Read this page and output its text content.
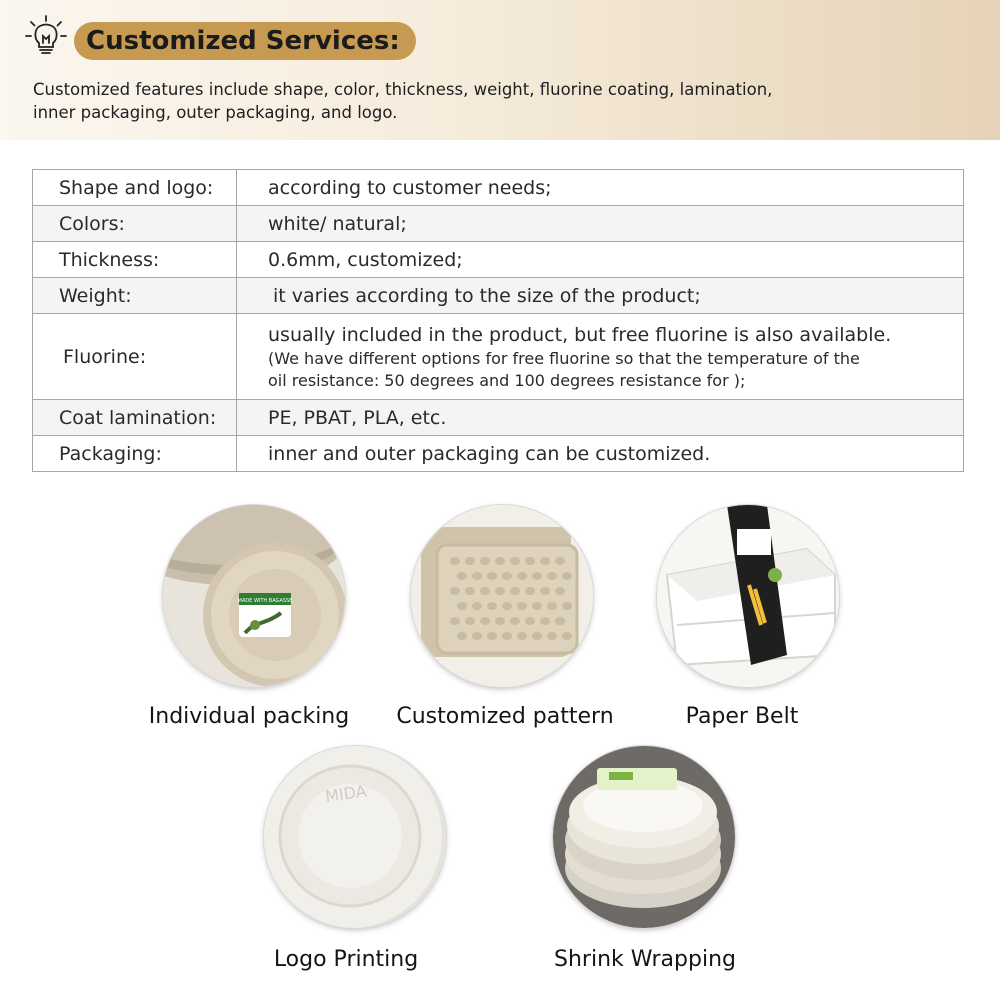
Customized Services:
Customized features include shape, color, thickness, weight, fluorine coating, lamination, inner packaging, outer packaging, and logo.
Shape and logo:	according to customer needs;
Colors:	white/ natural;
Thickness:	0.6mm, customized;
Weight:	it varies according to the size of the product;
Fluorine:	usually included in the product, but free fluorine is also available.
(We have different options for free fluorine so that the temperature of the oil resistance: 50 degrees and 100 degrees resistance for );

Coat lamination:	PE, PBAT, PLA, etc.
Packaging:	inner and outer packaging can be customized.
MADE WITH BAGASSE
Individual packing Customized pattern	Paper Belt
MIDA
Logo Printing	Shrink Wrapping
